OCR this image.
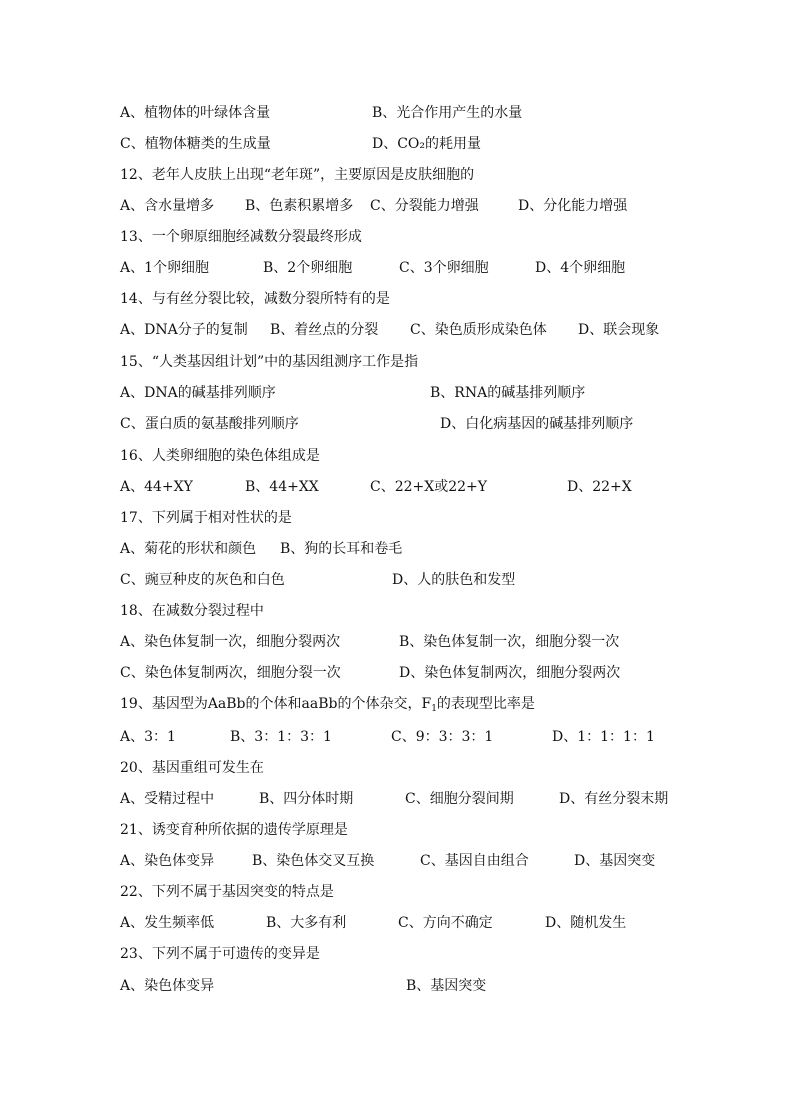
A、植物体的叶绿体含量	B、光合作用产生的水量
C、植物体糖类的生成量	D、CO₂的耗用量
12、老年人皮肤上出现“老年斑”，主要原因是皮肤细胞的
A、含水量增多 B、色素积累增多 C、分裂能力增强	D、分化能力增强
13、一个卵原细胞经减数分裂最终形成
A、1个卵细胞	B、2个卵细胞	C、3个卵细胞	D、4个卵细胞
14、与有丝分裂比较，减数分裂所特有的是
A、DNA分子的复制 B、着丝点的分裂 C、染色质形成染色体 D、联会现象
15、“人类基因组计划”中的基因组测序工作是指
A、DNA的碱基排列顺序	B、RNA的碱基排列顺序
C、蛋白质的氨基酸排列顺序	D、白化病基因的碱基排列顺序
16、人类卵细胞的染色体组成是
A、44+XY	B、44+XX	C、22+X或22+Y	D、22+X
17、下列属于相对性状的是
A、菊花的形状和颜色 B、狗的长耳和卷毛
C、豌豆种皮的灰色和白色	D、人的肤色和发型
18、在减数分裂过程中
A、染色体复制一次，细胞分裂两次	B、染色体复制一次，细胞分裂一次
C、染色体复制两次，细胞分裂一次	D、染色体复制两次，细胞分裂两次
19、基因型为AaBb的个体和aaBb的个体杂交，$F_1$的表现型比率是
A、3：1	B、3：1：3：1	C、9：3：3：1	D、1：1：1：1
20、基因重组可发生在
A、受精过程中	B、四分体时期	C、细胞分裂间期	D、有丝分裂末期
21、诱变育种所依据的遗传学原理是
A、染色体变异	B、染色体交叉互换	C、基因自由组合	D、基因突变
22、下列不属于基因突变的特点是
A、发生频率低	B、大多有利	C、方向不确定	D、随机发生
23、下列不属于可遗传的变异是
A、染色体变异	B、基因突变
